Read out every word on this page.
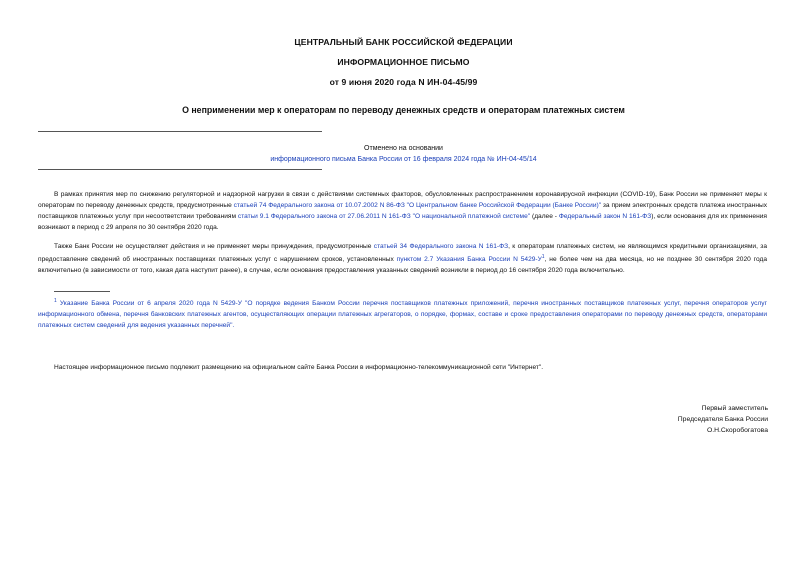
ЦЕНТРАЛЬНЫЙ БАНК РОССИЙСКОЙ ФЕДЕРАЦИИ
ИНФОРМАЦИОННОЕ ПИСЬМО
от 9 июня 2020 года N ИН-04-45/99
О неприменении мер к операторам по переводу денежных средств и операторам платежных систем
Отменено на основании
информационного письма Банка России от 16 февраля 2024 года № ИН-04-45/14
В рамках принятия мер по снижению регуляторной и надзорной нагрузки в связи с действиями системных факторов, обусловленных распространением коронавирусной инфекции (COVID-19), Банк России не применяет меры к операторам по переводу денежных средств, предусмотренные статьей 74 Федерального закона от 10.07.2002 N 86-ФЗ "О Центральном банке Российской Федерации (Банке России)" за прием электронных средств платежа иностранных поставщиков платежных услуг при несоответствии требованиям статьи 9.1 Федерального закона от 27.06.2011 N 161-ФЗ "О национальной платежной системе" (далее - Федеральный закон N 161-ФЗ), если основания для их применения возникают в период с 29 апреля по 30 сентября 2020 года.
Также Банк России не осуществляет действия и не применяет меры принуждения, предусмотренные статьей 34 Федерального закона N 161-ФЗ, к операторам платежных систем, не являющимся кредитными организациями, за предоставление сведений об иностранных поставщиках платежных услуг с нарушением сроков, установленных пунктом 2.7 Указания Банка России N $5429-У^1$, не более чем на два месяца, но не позднее 30 сентября 2020 года включительно (в зависимости от того, какая дата наступит ранее), в случае, если основания предоставления указанных сведений возникли в период до 16 сентября 2020 года включительно.
$^1$ Указание Банка России от 6 апреля 2020 года N 5429-У "О порядке ведения Банком России перечня поставщиков платежных приложений, перечня иностранных поставщиков платежных услуг, перечня операторов услуг информационного обмена, перечня банковских платежных агентов, осуществляющих операции платежных агрегаторов, о порядке, формах, составе и сроке предоставления операторами по переводу денежных средств, операторами платежных систем сведений для ведения указанных перечней".
Настоящее информационное письмо подлежит размещению на официальном сайте Банка России в информационно-телекоммуникационной сети "Интернет".
Первый заместитель
Председателя Банка России
О.Н.Скоробогатова
